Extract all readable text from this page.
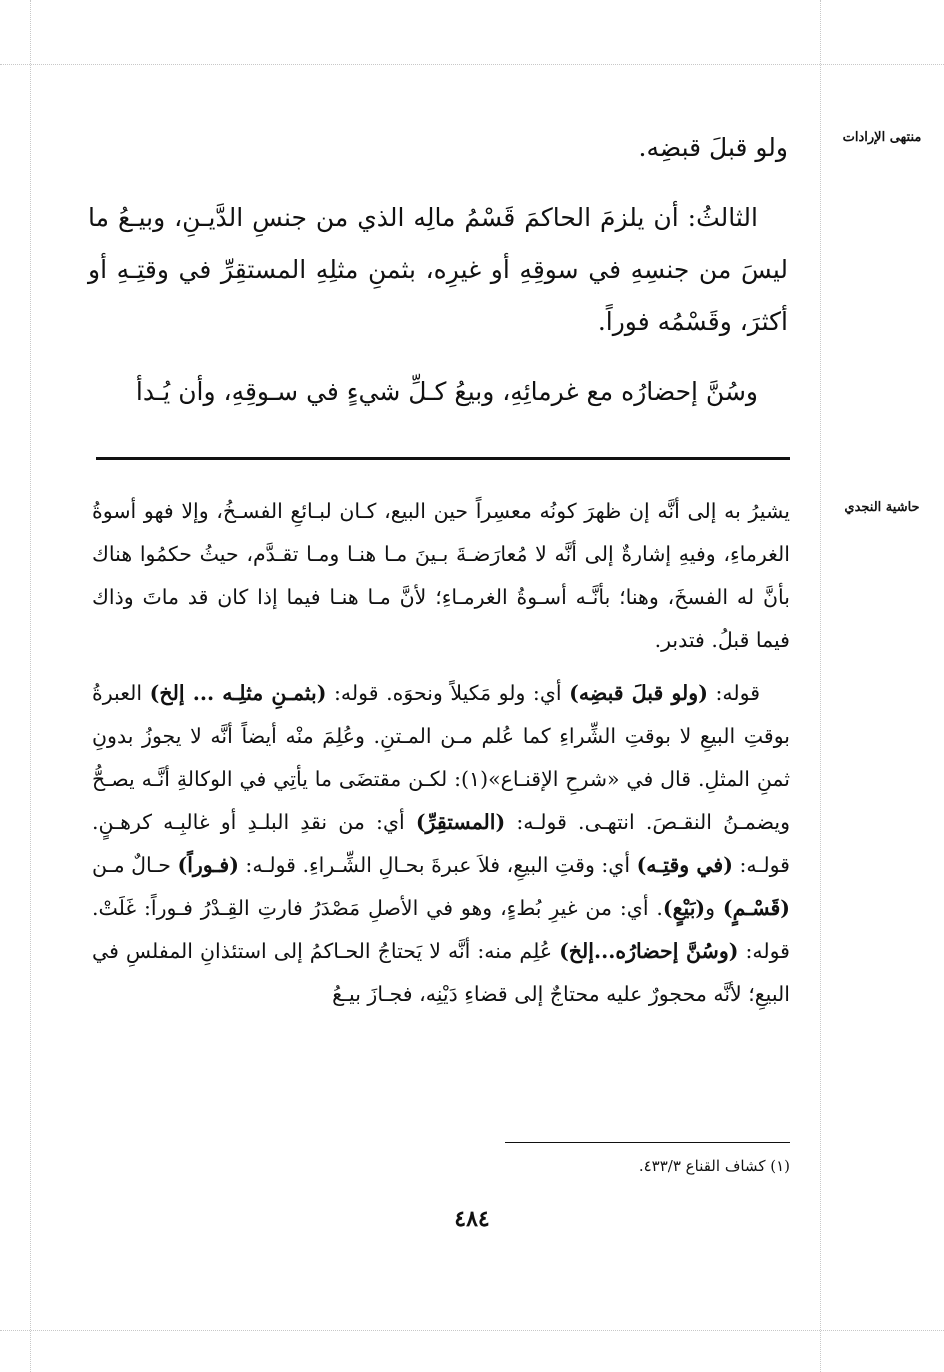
منتهى الإرادات
حاشية النجدي

ولو قبلَ قبضِه.

الثالثُ: أن يلزمَ الحاكمَ قَسْمُ مالِه الذي من جنسِ الدَّيـنِ، وبيـعُ ما ليسَ من جنسِهِ في سوقِهِ أو غيرِه، بثمنِ مثلِهِ المستقِرِّ في وقتِـهِ أو أكثرَ، وقَسْمُه فوراً.

وسُنَّ إحضارُه مع غرمائِهِ، وبيعُ كـلِّ شيءٍ في سـوقِهِ، وأن يُـدأ

يشيرُ به إلى أنَّه إن ظهرَ كونُه معسِراً حين البيع، كـان لبـائعِ الفسـخُ، وإلا فهو أسوةُ الغرماءِ، وفيهِ إشارةٌ إلى أنَّه لا مُعارَضـةَ بـينَ مـا هنـا ومـا تقـدَّم، حيثُ حكمُوا هناك بأنَّ له الفسخَ، وهنا؛ بأنَّـه أسـوةُ الغرمـاءِ؛ لأنَّ مـا هنـا فيما إذا كان قد ماتَ وذاك فيما قبلُ. فتدبر.

قوله: (ولو قبلَ قبضِه) أي: ولو مَكيلاً ونحوَه. قوله: (بثمـنِ مثلِـه ... إلخ) العبرةُ بوقتِ البيعِ لا بوقتِ الشِّراءِ كما عُلم مـن المـتنِ. وعُلِمَ منْه أيضاً أنَّه لا يجوزُ بدونِ ثمنِ المثلِ. قال في «شرحِ الإقنـاع»(١): لكـن مقتضَى ما يأتِي في الوكالةِ أنَّـه يصـحُّ ويضمـنُ النقـصَ. انتهـى. قولـه: (المستقِرِّ) أي: من نقدِ البلـدِ أو غالبِـه كرهـنٍ. قولـه: (في وقتِـه) أي: وقتِ البيعِ، فلاَ عبرةَ بحـالِ الشِّـراءِ. قولـه: (فـوراً) حـالٌ مـن (قَسْـمٍ) و(بَيْعٍ). أي: من غيرِ بُطءٍ، وهو في الأصلِ مَصْدَرُ فارتِ القِـدْرُ فـوراً: غَلَتْ. قوله: (وسُنَّ إحضارُه...إلخ) عُلِم منه: أنَّه لا يَحتاجُ الحـاكمُ إلى استئذانِ المفلسِ في البيعِ؛ لأنَّه محجورٌ عليه محتاجٌ إلى قضاءِ دَيْنِه، فجـازَ بيـعُ

(١) كشاف القناع ٤٣٣/٣.
٤٨٤
